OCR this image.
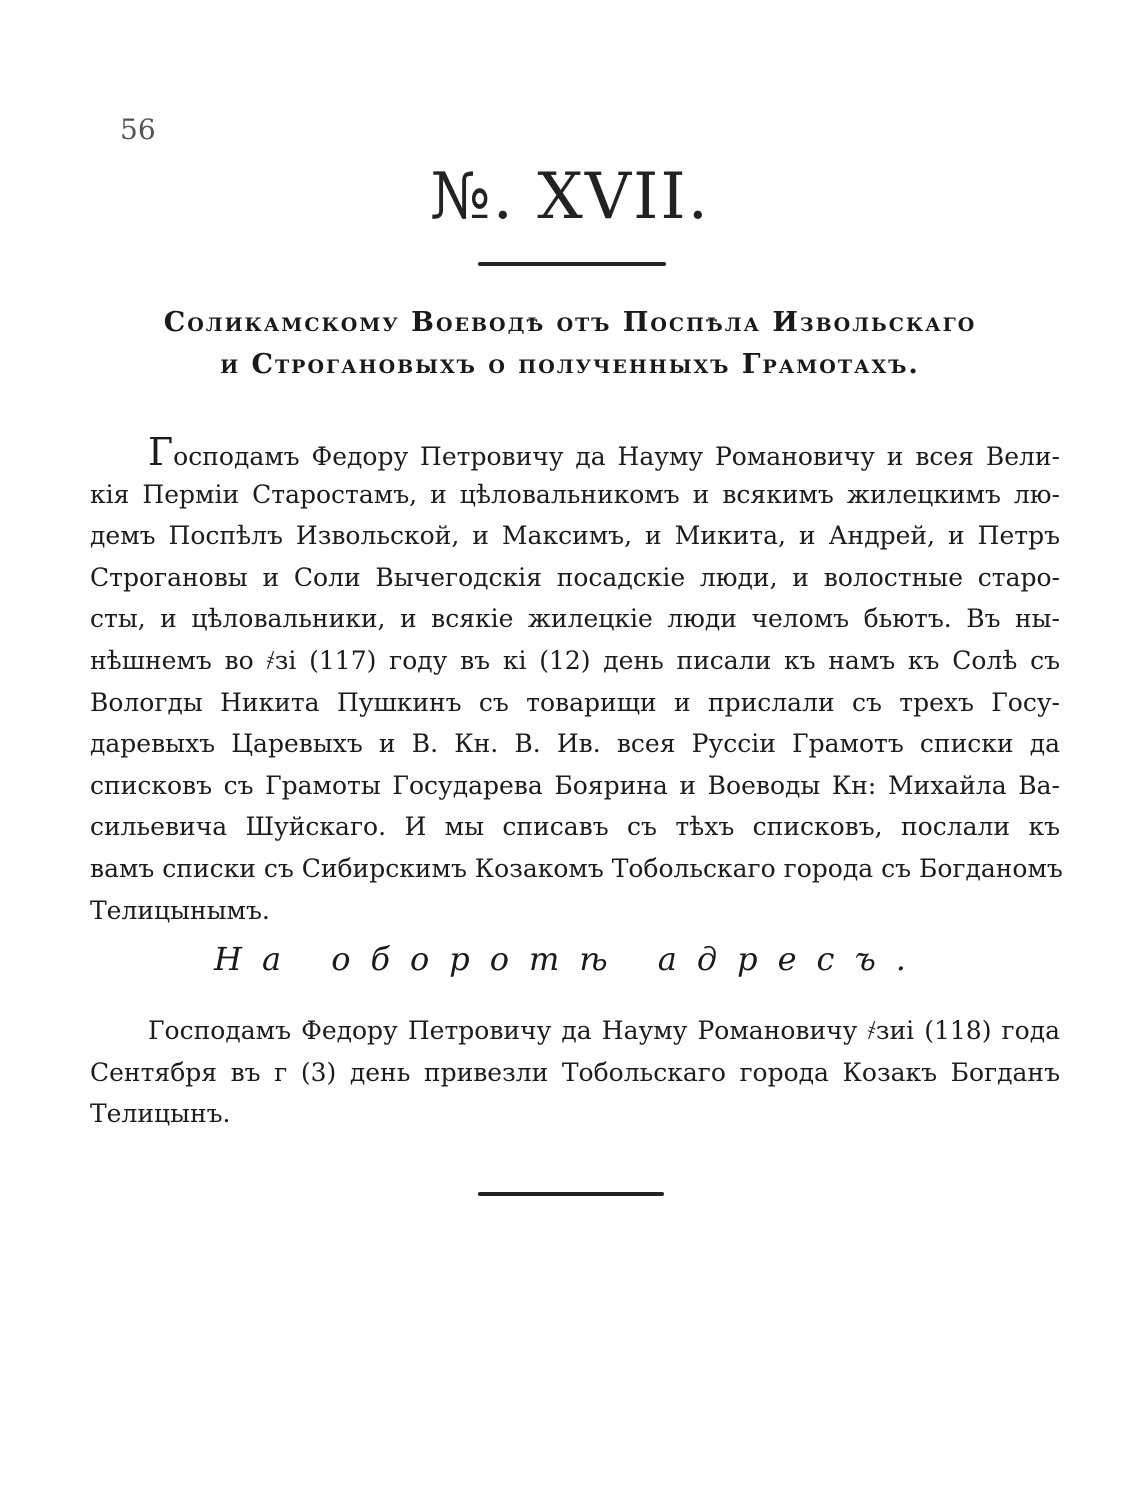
56
№. XVII.
Соликамскому Воеводѣ отъ Поспѣла Извольскаго
и Строгановыхъ о полученныхъ Грамотахъ.
Господамъ Федору Петровичу да Науму Романовичу и всея Вели-
кія Перміи Старостамъ, и цѣловальникомъ и всякимъ жилецкимъ лю-
демъ Поспѣлъ Извольской, и Максимъ, и Микита, и Андрей, и Петръ
Строгановы и Соли Вычегодскія посадскіе люди, и волостные старо-
сты, и цѣловальники, и всякіе жилецкіе люди челомъ бьютъ. Въ ны-
нѣшнемъ во ҂зі (117) году въ кі (12) день писали къ намъ къ Солѣ съ
Вологды Никита Пушкинъ съ товарищи и прислали съ трехъ Госу-
даревыхъ Царевыхъ и В. Кн. В. Ив. всея Руссіи Грамотъ списки да
списковъ съ Грамоты Государева Боярина и Воеводы Кн: Михайла Ва-
сильевича Шуйскаго. И мы списавъ съ тѣхъ списковъ, послали къ
вамъ списки съ Сибирскимъ Козакомъ Тобольскаго города съ Богданомъ
Телицынымъ.
На оборотѣ адресъ.
Господамъ Федору Петровичу да Науму Романовичу ҂зиі (118) года
Сентября въ г (3) день привезли Тобольскаго города Козакъ Богданъ
Телицынъ.
